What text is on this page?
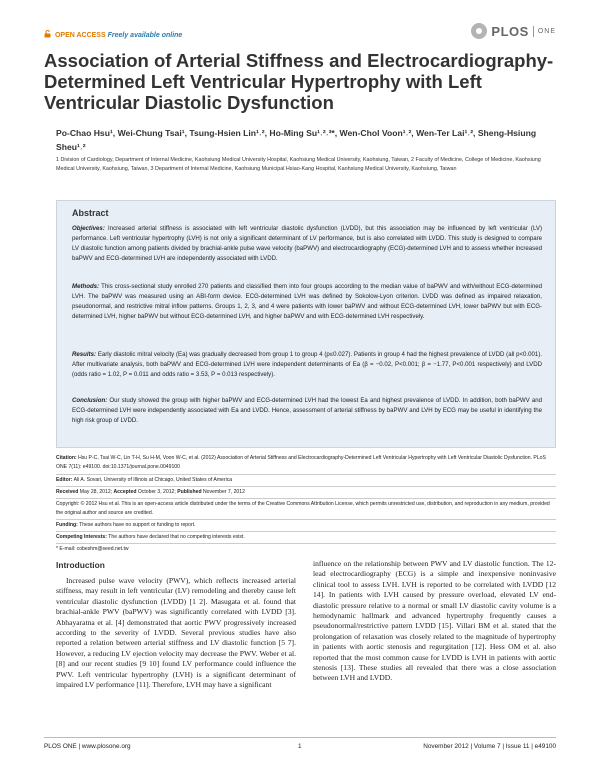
OPEN ACCESS Freely available online	PLOS ONE
Association of Arterial Stiffness and Electrocardiography-Determined Left Ventricular Hypertrophy with Left Ventricular Diastolic Dysfunction
Po-Chao Hsu¹, Wei-Chung Tsai¹, Tsung-Hsien Lin¹˒², Ho-Ming Su¹˒²˒³*, Wen-Chol Voon¹˒², Wen-Ter Lai¹˒², Sheng-Hsiung Sheu¹˒²
1 Division of Cardiology, Department of Internal Medicine, Kaohsiung Medical University Hospital, Kaohsiung Medical University, Kaohsiung, Taiwan, 2 Faculty of Medicine, College of Medicine, Kaohsiung Medical University, Kaohsiung, Taiwan, 3 Department of Internal Medicine, Kaohsiung Municipal Hsiao-Kang Hospital, Kaohsiung Medical University, Kaohsiung, Taiwan
Abstract
Objectives: Increased arterial stiffness is associated with left ventricular diastolic dysfunction (LVDD), but this association may be influenced by left ventricular (LV) performance. Left ventricular hypertrophy (LVH) is not only a significant determinant of LV performance, but is also correlated with LVDD. This study is designed to compare LV diastolic function among patients divided by brachial-ankle pulse wave velocity (baPWV) and electrocardiography (ECG)-determined LVH and to assess whether increased baPWV and ECG-determined LVH are independently associated with LVDD.
Methods: This cross-sectional study enrolled 270 patients and classified them into four groups according to the median value of baPWV and with/without ECG-determined LVH. The baPWV was measured using an ABI-form device. ECG-determined LVH was defined by Sokolow-Lyon criterion. LVDD was defined as impaired relaxation, pseudonormal, and restrictive mitral inflow patterns. Groups 1, 2, 3, and 4 were patients with lower baPWV and without ECG-determined LVH, lower baPWV but with ECG-determined LVH, higher baPWV but without ECG-determined LVH, and higher baPWV and with ECG-determined LVH respectively.
Results: Early diastolic mitral velocity (Ea) was gradually decreased from group 1 to group 4 (p≤0.027). Patients in group 4 had the highest prevalence of LVDD (all p<0.001). After multivariate analysis, both baPWV and ECG-determined LVH were independent determinants of Ea (β = −0.02, P<0.001; β = −1.77, P<0.001 respectively) and LVDD (odds ratio = 1.02, P = 0.011 and odds ratio = 3.53, P = 0.013 respectively).
Conclusion: Our study showed the group with higher baPWV and ECG-determined LVH had the lowest Ea and highest prevalence of LVDD. In addition, both baPWV and ECG-determined LVH were independently associated with Ea and LVDD. Hence, assessment of arterial stiffness by baPWV and LVH by ECG may be useful in identifying the high risk group of LVDD.
Citation: Hsu P-C, Tsai W-C, Lin T-H, Su H-M, Voon W-C, et al. (2012) Association of Arterial Stiffness and Electrocardiography-Determined Left Ventricular Hypertrophy with Left Ventricular Diastolic Dysfunction. PLoS ONE 7(11): e49100. doi:10.1371/journal.pone.0049100
Editor: Ali A. Sovari, University of Illinois at Chicago, United States of America
Received May 28, 2012; Accepted October 3, 2012; Published November 7, 2012
Copyright: © 2012 Hsu et al. This is an open-access article distributed under the terms of the Creative Commons Attribution License, which permits unrestricted use, distribution, and reproduction in any medium, provided the original author and source are credited.
Funding: These authors have no support or funding to report.
Competing Interests: The authors have declared that no competing interests exist.
* E-mail: cobeshm@seed.net.tw
Introduction

Increased pulse wave velocity (PWV), which reflects increased arterial stiffness, may result in left ventricular (LV) remodeling and thereby cause left ventricular diastolic dysfunction (LVDD) [1 2]. Masugata et al. found that brachial-ankle PWV (baPWV) was significantly correlated with LVDD [3]. Abhayaratna et al. [4] demonstrated that aortic PWV progressively increased according to the severity of LVDD. Several previous studies have also reported a relation between arterial stiffness and LV diastolic function [5 7]. However, a reducing LV ejection velocity may decrease the PWV. Weber et al. [8] and our recent studies [9 10] found LV performance could influence the PWV. Left ventricular hypertrophy (LVH) is a significant determinant of impaired LV performance [11]. Therefore, LVH may have a significant

influence on the relationship between PWV and LV diastolic function. The 12-lead electrocardiography (ECG) is a simple and inexpensive noninvasive clinical tool to assess LVH. LVH is reported to be correlated with LVDD [12 14]. In patients with LVH caused by pressure overload, elevated LV end-diastolic pressure relative to a normal or small LV diastolic cavity volume is a hemodynamic hallmark and advanced hypertrophy frequently causes a pseudonormal/restrictive pattern LVDD [15]. Villari BM et al. stated that the prolongation of relaxation was closely related to the magnitude of hypertrophy in patients with aortic stenosis and regurgitation [12]. Hess OM et al. also reported that the most common cause for LVDD is LVH in patients with aortic stenosis [13]. These studies all revealed that there was a close association between LVH and LVDD.

PLOS ONE | www.plosone.org	1	November 2012 | Volume 7 | Issue 11 | e49100
